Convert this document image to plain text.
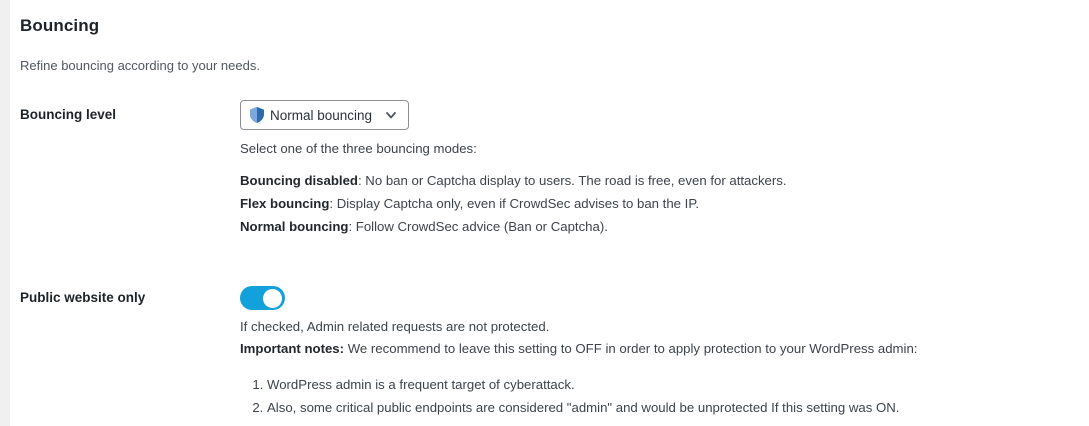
Bouncing

Refine bouncing according to your needs.

Bouncing level	Normal bouncing

Select one of the three bouncing modes:

Bouncing disabled: No ban or Captcha display to users. The road is free, even for attackers.
Flex bouncing: Display Captcha only, even if CrowdSec advises to ban the IP.
Normal bouncing: Follow CrowdSec advice (Ban or Captcha).
Public website only

If checked, Admin related requests are not protected.

Important notes: We recommend to leave this setting to OFF in order to apply protection to your WordPress admin:

1. WordPress admin is a frequent target of cyberattack.
2. Also, some critical public endpoints are considered "admin" and would be unprotected If this setting was ON.
